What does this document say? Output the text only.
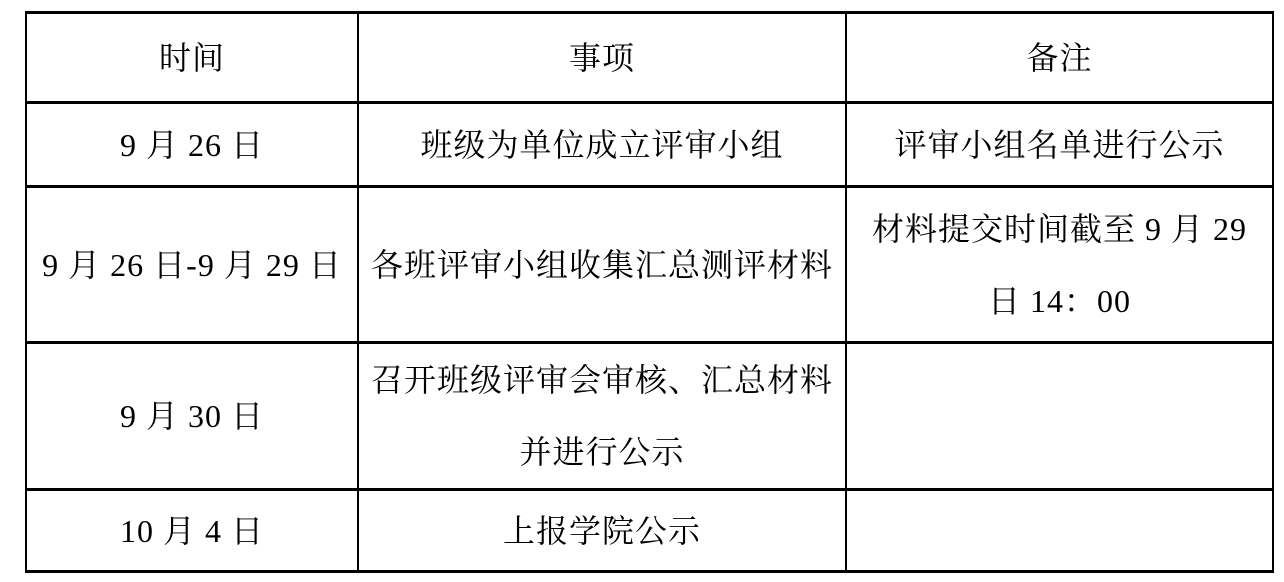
时间	事项	备注

9 月 26 日	班级为单位成立评审小组	评审小组名单进行公示

9 月 26 日-9 月 29 日	各班评审小组收集汇总测评材料	材料提交时间截至 9 月 29
日 14：00

9 月 30 日	召开班级评审会审核、汇总材料
并进行公示	

10 月 4 日	上报学院公示	
